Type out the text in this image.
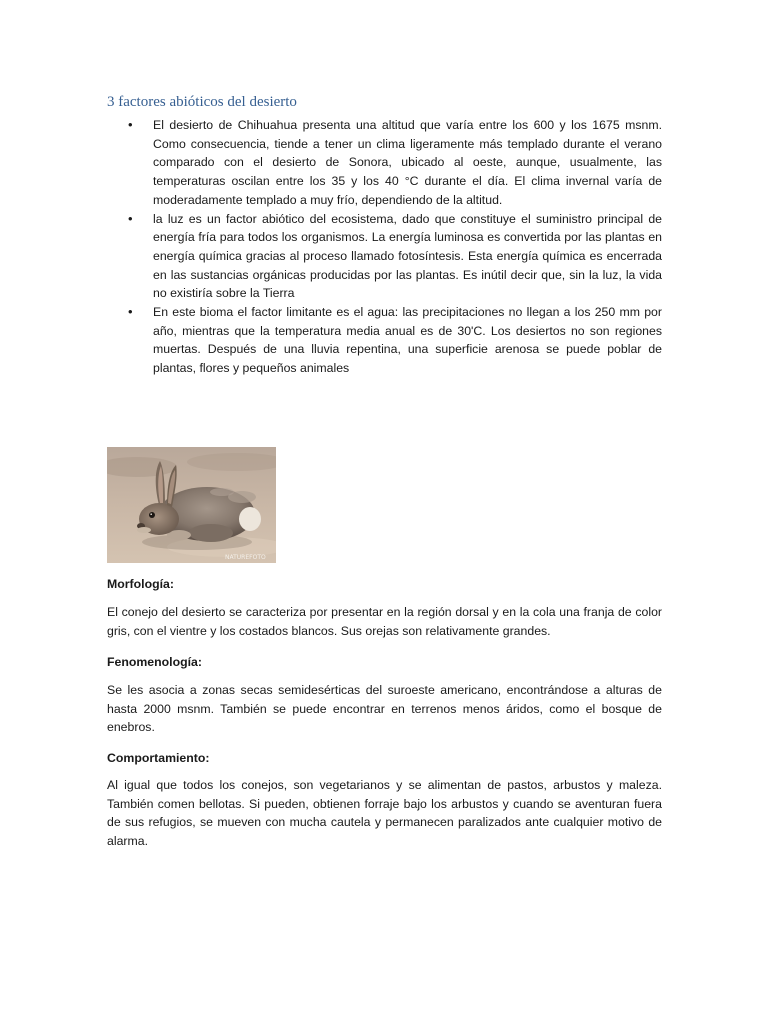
3 factores abióticos del desierto
• El desierto de Chihuahua presenta una altitud que varía entre los 600 y los 1675 msnm. Como consecuencia, tiende a tener un clima ligeramente más templado durante el verano comparado con el desierto de Sonora, ubicado al oeste, aunque, usualmente, las temperaturas oscilan entre los 35 y los 40 °C durante el día. El clima invernal varía de moderadamente templado a muy frío, dependiendo de la altitud.
• la luz es un factor abiótico del ecosistema, dado que constituye el suministro principal de energía fría para todos los organismos. La energía luminosa es convertida por las plantas en energía química gracias al proceso llamado fotosíntesis. Esta energía química es encerrada en las sustancias orgánicas producidas por las plantas. Es inútil decir que, sin la luz, la vida no existiría sobre la Tierra
• En este bioma el factor limitante es el agua: las precipitaciones no llegan a los 250 mm por año, mientras que la temperatura media anual es de 30'C. Los desiertos no son regiones muertas. Después de una lluvia repentina, una superficie arenosa se puede poblar de plantas, flores y pequeños animales
NATUREFOTO

Morfología:

El conejo del desierto se caracteriza por presentar en la región dorsal y en la cola una franja de color gris, con el vientre y los costados blancos. Sus orejas son relativamente grandes.

Fenomenología:

Se les asocia a zonas secas semidesérticas del suroeste americano, encontrándose a alturas de hasta 2000 msnm. También se puede encontrar en terrenos menos áridos, como el bosque de enebros.

Comportamiento:

Al igual que todos los conejos, son vegetarianos y se alimentan de pastos, arbustos y maleza. También comen bellotas. Si pueden, obtienen forraje bajo los arbustos y cuando se aventuran fuera de sus refugios, se mueven con mucha cautela y permanecen paralizados ante cualquier motivo de alarma.
